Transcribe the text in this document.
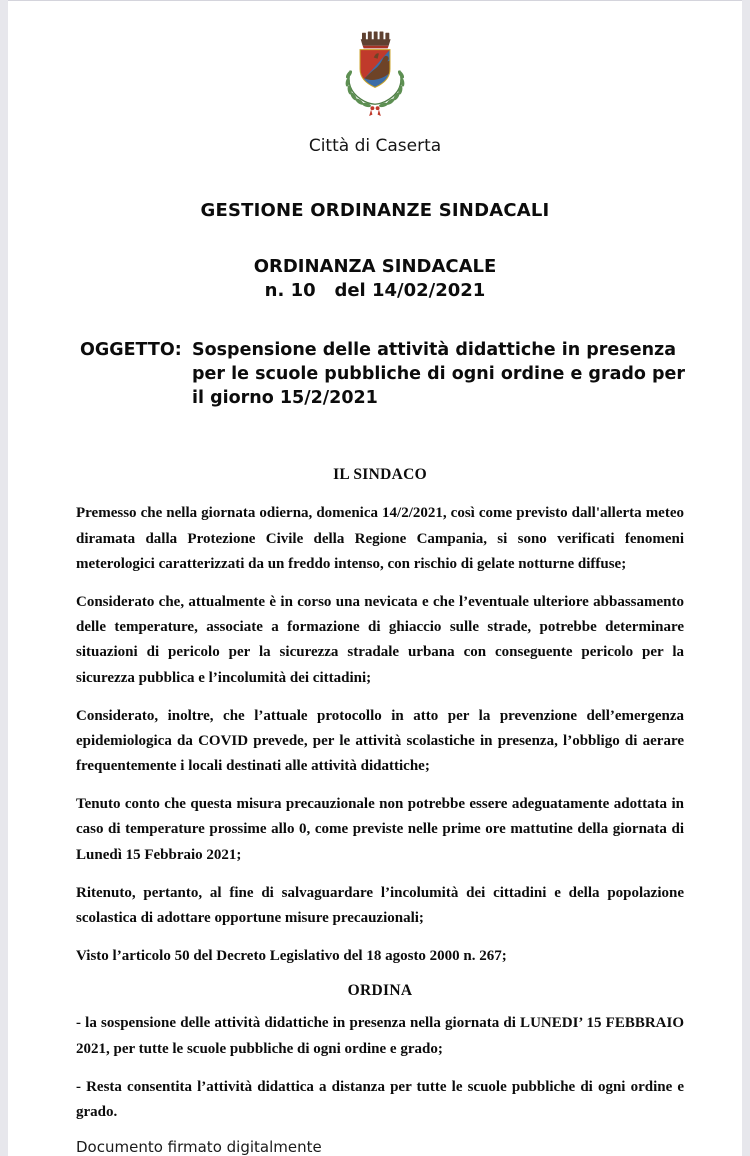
Città di Caserta
GESTIONE ORDINANZE SINDACALI
ORDINANZA SINDACALE
n. 10   del 14/02/2021
OGGETTO: Sospensione delle attività didattiche in presenza per le scuole pubbliche di ogni ordine e grado per il giorno 15/2/2021
IL SINDACO

Premesso che nella giornata odierna, domenica 14/2/2021, così come previsto dall'allerta meteo diramata dalla Protezione Civile della Regione Campania, si sono verificati fenomeni meterologici caratterizzati da un freddo intenso, con rischio di gelate notturne diffuse;

Considerato che, attualmente è in corso una nevicata e che l’eventuale ulteriore abbassamento delle temperature, associate a formazione di ghiaccio sulle strade, potrebbe determinare situazioni di pericolo per la sicurezza stradale urbana con conseguente pericolo per la sicurezza pubblica e l’incolumità dei cittadini;

Considerato, inoltre, che l’attuale protocollo in atto per la prevenzione dell’emergenza epidemiologica da COVID prevede, per le attività scolastiche in presenza, l’obbligo di aerare frequentemente i locali destinati alle attività didattiche;

Tenuto conto che questa misura precauzionale non potrebbe essere adeguatamente adottata in caso di temperature prossime allo 0, come previste nelle prime ore mattutine della giornata di Lunedì 15 Febbraio 2021;

Ritenuto, pertanto, al fine di salvaguardare l’incolumità dei cittadini e della popolazione scolastica di adottare opportune misure precauzionali;

Visto l’articolo 50 del Decreto Legislativo del 18 agosto 2000 n. 267;

ORDINA

- la sospensione delle attività didattiche in presenza nella giornata di LUNEDI’ 15 FEBBRAIO 2021, per tutte le scuole pubbliche di ogni ordine e grado;

- Resta consentita l’attività didattica a distanza per tutte le scuole pubbliche di ogni ordine e grado.

Documento firmato digitalmente
